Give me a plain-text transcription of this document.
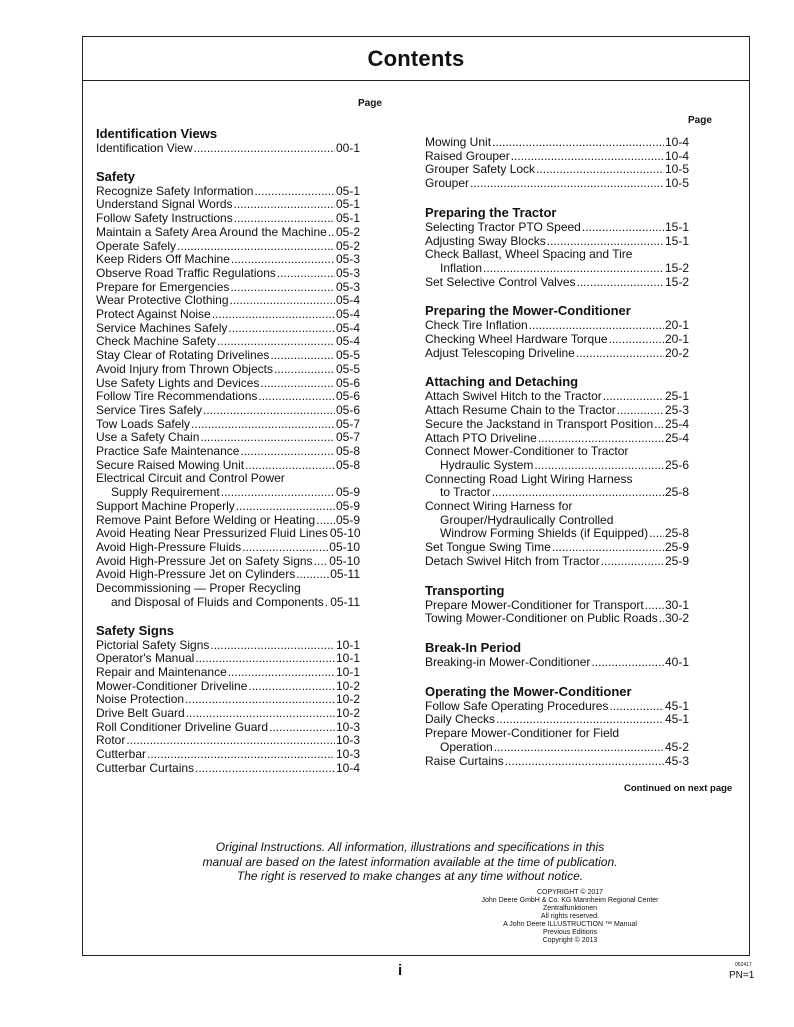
Contents
Page
Page
Identification Views
Identification View .....	00-1
Safety
Recognize Safety Information .....	05-1
Understand Signal Words .....	05-1
Follow Safety Instructions .....	05-1
Maintain a Safety Area Around the Machine ..... 05-2
Operate Safely .....	05-2
Keep Riders Off Machine .....	05-3
Observe Road Traffic Regulations .....	05-3
Prepare for Emergencies .....	05-3
Wear Protective Clothing .....	05-4
Protect Against Noise .....	05-4
Service Machines Safely .....	05-4
Check Machine Safety .....	05-4
Stay Clear of Rotating Drivelines .....	05-5
Avoid Injury from Thrown Objects .....	05-5
Use Safety Lights and Devices .....	05-6
Follow Tire Recommendations .....	05-6
Service Tires Safely .....	05-6
Tow Loads Safely .....	05-7
Use a Safety Chain .....	05-7
Practice Safe Maintenance .....	05-8
Secure Raised Mowing Unit .....	05-8
Electrical Circuit and Control Power
Supply Requirement .....	05-9
Support Machine Properly .....	05-9
Remove Paint Before Welding or Heating ..... 05-9
Avoid Heating Near Pressurized Fluid Lines 05-10
Avoid High-Pressure Fluids .....	05-10
Avoid High-Pressure Jet on Safety Signs ..... 05-10
Avoid High-Pressure Jet on Cylinders .....	05-11
Decommissioning — Proper Recycling
and Disposal of Fluids and Components ..... 05-11
Safety Signs
Pictorial Safety Signs .....	10-1
Operator's Manual .....	10-1
Repair and Maintenance .....	10-1
Mower-Conditioner Driveline .....	10-2
Noise Protection .....	10-2
Drive Belt Guard .....	10-2
Roll Conditioner Driveline Guard .....	10-3
Rotor .....	10-3
Cutterbar .....	10-3
Cutterbar Curtains .....	10-4
Mowing Unit .....	10-4
Raised Grouper .....	10-4
Grouper Safety Lock .....	10-5
Grouper .....	10-5
Preparing the Tractor
Selecting Tractor PTO Speed .....	15-1
Adjusting Sway Blocks .....	15-1
Check Ballast, Wheel Spacing and Tire
Inflation .....	15-2
Set Selective Control Valves .....	15-2
Preparing the Mower-Conditioner
Check Tire Inflation .....	20-1
Checking Wheel Hardware Torque .....	20-1
Adjust Telescoping Driveline .....	20-2
Attaching and Detaching
Attach Swivel Hitch to the Tractor .....	25-1
Attach Resume Chain to the Tractor .....	25-3
Secure the Jackstand in Transport Position ..... 25-4
Attach PTO Driveline .....	25-4
Connect Mower-Conditioner to Tractor
Hydraulic System .....	25-6
Connecting Road Light Wiring Harness
to Tractor .....	25-8
Connect Wiring Harness for
Grouper/Hydraulically Controlled
Windrow Forming Shields (if Equipped) ..... 25-8
Set Tongue Swing Time .....	25-9
Detach Swivel Hitch from Tractor .....	25-9
Transporting
Prepare Mower-Conditioner for Transport ..... 30-1
Towing Mower-Conditioner on Public Roads ..... 30-2
Break-In Period
Breaking-in Mower-Conditioner .....	40-1
Operating the Mower-Conditioner
Follow Safe Operating Procedures .....	45-1
Daily Checks .....	45-1
Prepare Mower-Conditioner for Field
Operation .....	45-2
Raise Curtains .....	45-3
Continued on next page
Original Instructions. All information, illustrations and specifications in this
manual are based on the latest information available at the time of publication.
The right is reserved to make changes at any time without notice.
COPYRIGHT © 2017
John Deere GmbH & Co. KG Mannheim Regional Center
Zentralfunktionen
All rights reserved.
A John Deere ILLUSTRUCTION ™ Manual
Previous Editions
Copyright © 2013
i	052417
PN=1
